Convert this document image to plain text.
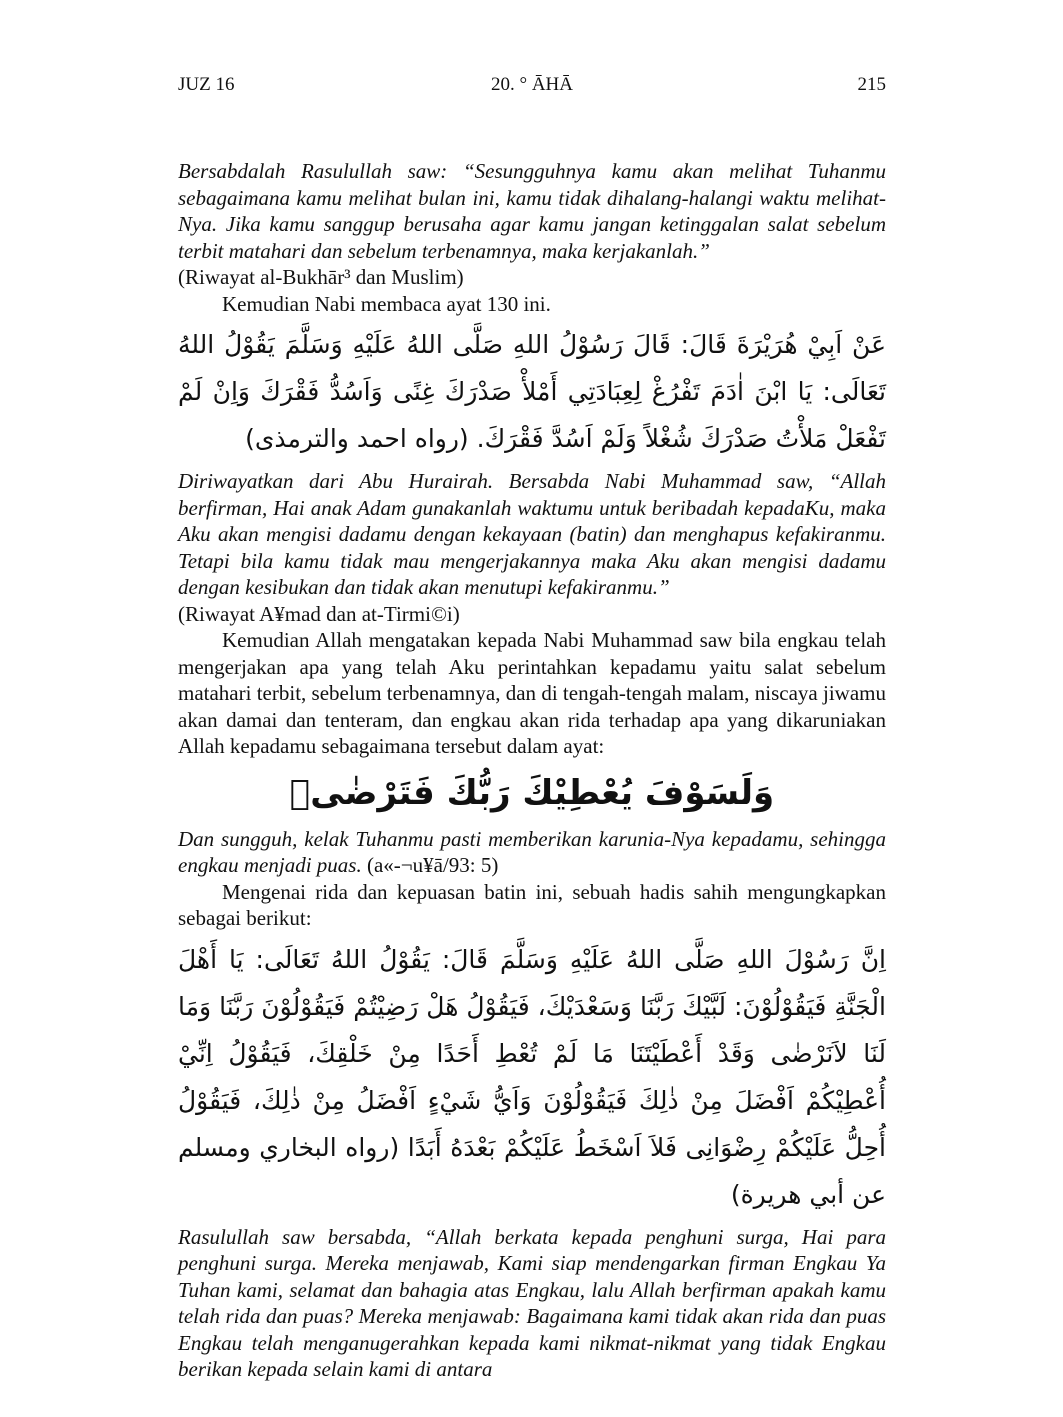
JUZ 16	20. ° ĀHĀ	215

Bersabdalah Rasulullah saw: “Sesungguhnya kamu akan melihat Tuhanmu sebagaimana kamu melihat bulan ini, kamu tidak dihalang-halangi waktu melihat-Nya. Jika kamu sanggup berusaha agar kamu jangan ketinggalan salat sebelum terbit matahari dan sebelum terbenamnya, maka kerjakanlah.”
(Riwayat al-Bukhār³ dan Muslim)

Kemudian Nabi membaca ayat 130 ini.

عَنْ اَبِيْ هُرَيْرَةَ قَالَ: قَالَ رَسُوْلُ اللهِ صَلَّى اللهُ عَلَيْهِ وَسَلَّمَ يَقُوْلُ اللهُ تَعَالَى: يَا ابْنَ اٰدَمَ تَفْرُغْ لِعِبَادَتِي أَمْلأْ صَدْرَكَ غِنًى وَاَسُدُّ فَقْرَكَ وَاِنْ لَمْ تَفْعَلْ مَلأْتُ صَدْرَكَ شُغْلاً وَلَمْ اَسُدَّ فَقْرَكَ. (رواه احمد والترمذى)

Diriwayatkan dari Abu Hurairah. Bersabda Nabi Muhammad saw, “Allah berfirman, Hai anak Adam gunakanlah waktumu untuk beribadah kepadaKu, maka Aku akan mengisi dadamu dengan kekayaan (batin) dan menghapus kefakiranmu. Tetapi bila kamu tidak mau mengerjakannya maka Aku akan mengisi dadamu dengan kesibukan dan tidak akan menutupi kefakiranmu.”
(Riwayat A¥mad dan at-Tirmi©i)

Kemudian Allah mengatakan kepada Nabi Muhammad saw bila engkau telah mengerjakan apa yang telah Aku perintahkan kepadamu yaitu salat sebelum matahari terbit, sebelum terbenamnya, dan di tengah-tengah malam, niscaya jiwamu akan damai dan tenteram, dan engkau akan rida terhadap apa yang dikaruniakan Allah kepadamu sebagaimana tersebut dalam ayat:

وَلَسَوْفَ يُعْطِيْكَ رَبُّكَ فَتَرْضٰىۗ

Dan sungguh, kelak Tuhanmu pasti memberikan karunia-Nya kepadamu, sehingga engkau menjadi puas. (a«-¬u¥ā/93: 5)

Mengenai rida dan kepuasan batin ini, sebuah hadis sahih mengungkapkan sebagai berikut:

اِنَّ رَسُوْلَ اللهِ صَلَّى اللهُ عَلَيْهِ وَسَلَّمَ قَالَ: يَقُوْلُ اللهُ تَعَالَى: يَا أَهْلَ الْجَنَّةِ فَيَقُوْلُوْنَ: لَبَّيْكَ رَبَّنَا وَسَعْدَيْكَ، فَيَقُوْلُ هَلْ رَضِيْتُمْ فَيَقُوْلُوْنَ رَبَّنَا وَمَا لَنَا لاَنَرْضٰى وَقَدْ أَعْطَيْتَنَا مَا لَمْ تُعْطِ أَحَدًا مِنْ خَلْقِكَ، فَيَقُوْلُ اِنِّيْ أُعْطِيْكُمْ اَفْضَلَ مِنْ ذٰلِكَ فَيَقُوْلُوْنَ وَاَيُّ شَيْءٍ اَفْضَلُ مِنْ ذٰلِكَ، فَيَقُوْلُ أُحِلُّ عَلَيْكُمْ رِضْوَانِى فَلاَ اَسْخَطُ عَلَيْكُمْ بَعْدَهُ أَبَدًا (رواه البخاري ومسلم عن أبي هريرة)

Rasulullah saw bersabda, “Allah berkata kepada penghuni surga, Hai para penghuni surga. Mereka menjawab, Kami siap mendengarkan firman Engkau Ya Tuhan kami, selamat dan bahagia atas Engkau, lalu Allah berfirman apakah kamu telah rida dan puas? Mereka menjawab: Bagaimana kami tidak akan rida dan puas Engkau telah menganugerahkan kepada kami nikmat-nikmat yang tidak Engkau berikan kepada selain kami di antara
